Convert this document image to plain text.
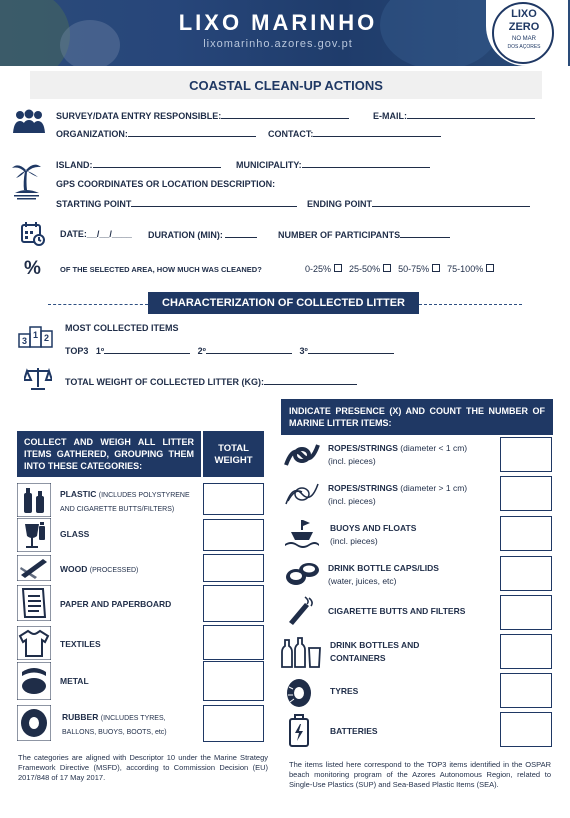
LIXO MARINHO
lixomarinho.azores.gov.pt
LIXO
ZERO
NO MAR
DOS AÇORES
COASTAL CLEAN-UP ACTIONS
SURVEY/DATA ENTRY RESPONSIBLE:	E-MAIL:
ORGANIZATION:	CONTACT:
ISLAND:	MUNICIPALITY:
GPS COORDINATES OR LOCATION DESCRIPTION:
STARTING POINT	ENDING POINT
DATE:__/__/____ DURATION (MIN):	NUMBER OF PARTICIPANTS
%	OF THE SELECTED AREA, HOW MUCH WAS CLEANED?	0-25% 25-50% 50-75% 75-100%
CHARACTERIZATION OF COLLECTED LITTER
3
1 2
MOST COLLECTED ITEMS
TOP3 1º	2º	3º
TOTAL WEIGHT OF COLLECTED LITTER (KG):
COLLECT AND WEIGH ALL LITTER ITEMS GATHERED, GROUPING THEM INTO THESE CATEGORIES:
TOTAL WEIGHT
PLASTIC (INCLUDES POLYSTYRENE AND CIGARETTE BUTTS/FILTERS)
GLASS
WOOD (PROCESSED)
PAPER AND PAPERBOARD
TEXTILES
METAL
RUBBER (INCLUDES TYRES, BALLONS, BUOYS, BOOTS, etc)
The categories are aligned with Descriptor 10 under the Marine Strategy Framework Directive (MSFD), according to Commission Decision (EU) 2017/848 of 17 May 2017.
INDICATE PRESENCE (X) AND COUNT THE NUMBER OF MARINE LITTER ITEMS:
ROPES/STRINGS (diameter < 1 cm)
(incl. pieces)
ROPES/STRINGS (diameter > 1 cm)
(incl. pieces)
BUOYS AND FLOATS
(incl. pieces)
DRINK BOTTLE CAPS/LIDS
(water, juices, etc)
CIGARETTE BUTTS AND FILTERS
DRINK BOTTLES AND
CONTAINERS
TYRES
BATTERIES
The items listed here correspond to the TOP3 items identified in the OSPAR beach monitoring program of the Azores Autonomous Region, related to Single-Use Plastics (SUP) and Sea-Based Plastic Items (SEA).
